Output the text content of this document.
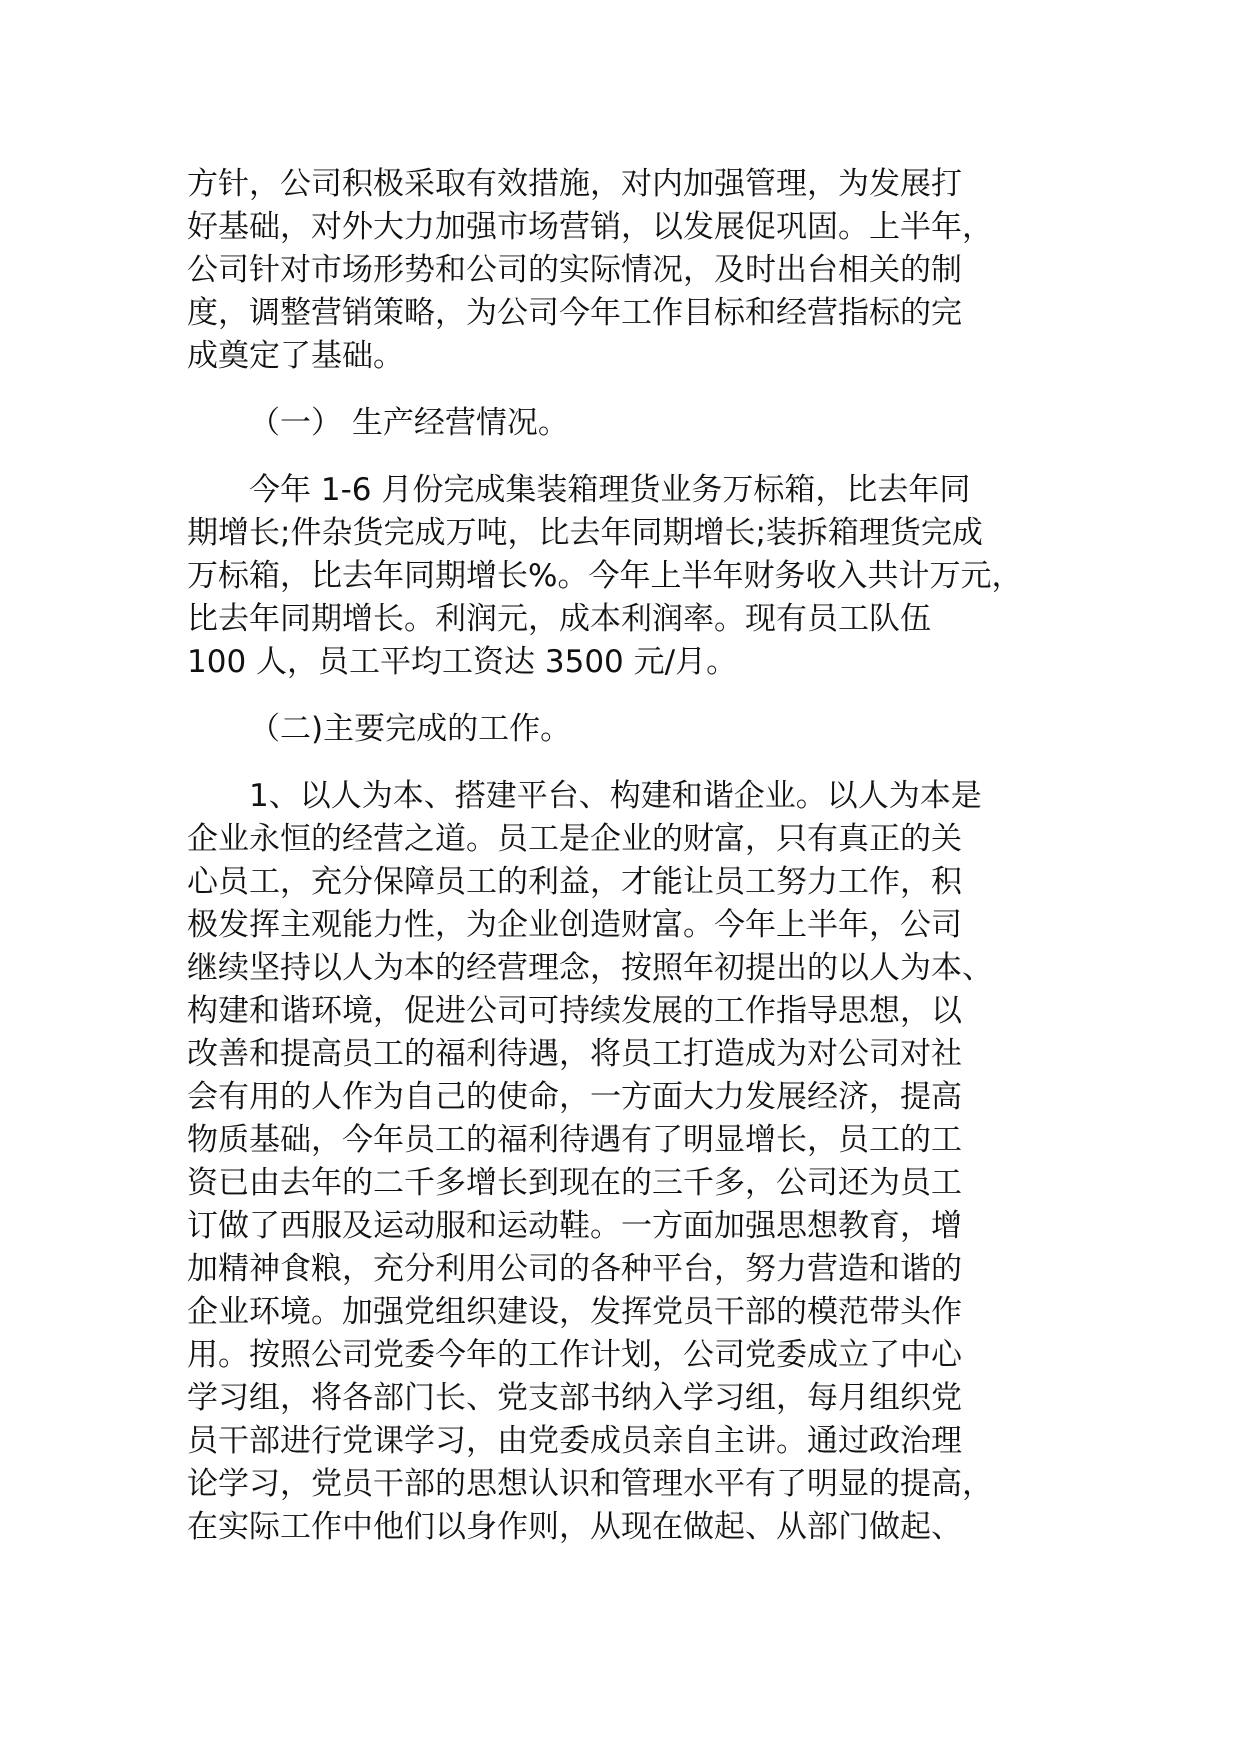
方针，公司积极采取有效措施，对内加强管理，为发展打
好基础，对外大力加强市场营销，以发展促巩固。上半年，
公司针对市场形势和公司的实际情况，及时出台相关的制
度，调整营销策略，为公司今年工作目标和经营指标的完
成奠定了基础。
（一） 生产经营情况。
今年 1-6 月份完成集装箱理货业务万标箱，比去年同
期增长;件杂货完成万吨，比去年同期增长;装拆箱理货完成
万标箱，比去年同期增长%。今年上半年财务收入共计万元，
比去年同期增长。利润元，成本利润率。现有员工队伍
100 人，员工平均工资达 3500 元/月。
（二)主要完成的工作。
1、以人为本、搭建平台、构建和谐企业。以人为本是
企业永恒的经营之道。员工是企业的财富，只有真正的关
心员工，充分保障员工的利益，才能让员工努力工作，积
极发挥主观能力性，为企业创造财富。今年上半年，公司
继续坚持以人为本的经营理念，按照年初提出的以人为本、
构建和谐环境，促进公司可持续发展的工作指导思想，以
改善和提高员工的福利待遇，将员工打造成为对公司对社
会有用的人作为自己的使命，一方面大力发展经济，提高
物质基础，今年员工的福利待遇有了明显增长，员工的工
资已由去年的二千多增长到现在的三千多，公司还为员工
订做了西服及运动服和运动鞋。一方面加强思想教育，增
加精神食粮，充分利用公司的各种平台，努力营造和谐的
企业环境。加强党组织建设，发挥党员干部的模范带头作
用。按照公司党委今年的工作计划，公司党委成立了中心
学习组，将各部门长、党支部书纳入学习组，每月组织党
员干部进行党课学习，由党委成员亲自主讲。通过政治理
论学习，党员干部的思想认识和管理水平有了明显的提高，
在实际工作中他们以身作则，从现在做起、从部门做起、
